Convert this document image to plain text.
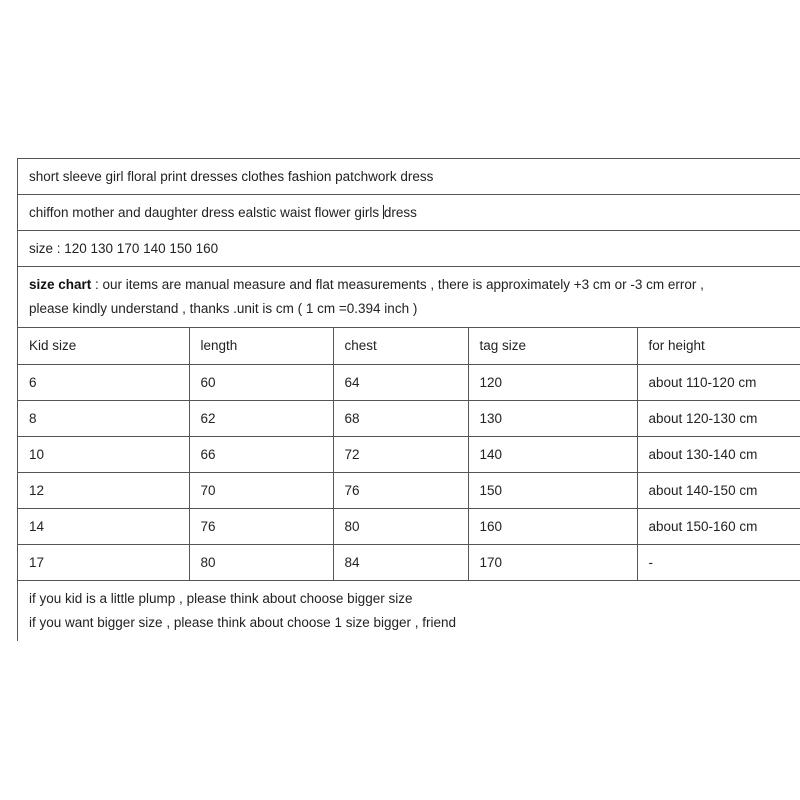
short sleeve girl floral print dresses clothes fashion patchwork dress
chiffon mother and daughter dress ealstic waist flower girls dress
size : 120 130 170 140 150 160
size chart : our items are manual measure and flat measurements , there is approximately +3 cm or -3 cm error ,
please kindly understand , thanks .unit is cm ( 1 cm =0.394 inch )
Kid size	length	chest	tag size	for height
6	60	64	120	about 110-120 cm
8	62	68	130	about 120-130 cm
10	66	72	140	about 130-140 cm
12	70	76	150	about 140-150 cm
14	76	80	160	about 150-160 cm
17	80	84	170	-
if you kid is a little plump , please think about choose bigger size
if you want bigger size , please think about choose 1 size bigger , friend
